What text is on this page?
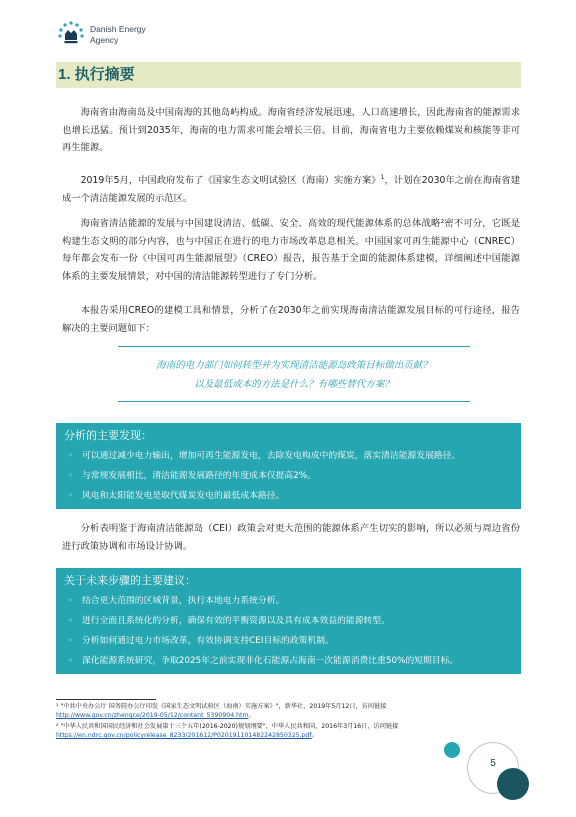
Danish Energy
Agency
1. 执行摘要

海南省由海南岛及中国南海的其他岛屿构成。海南省经济发展迅速，人口高速增长，因此海南省的能源需求也增长迅猛。预计到2035年，海南的电力需求可能会增长三倍。目前，海南省电力主要依赖煤炭和核能等非可再生能源。

2019年5月，中国政府发布了《国家生态文明试验区（海南）实施方案》$^1$，计划在2030年之前在海南省建成一个清洁能源发展的示范区。

海南省清洁能源的发展与中国建设清洁、低碳、安全、高效的现代能源体系的总体战略²密不可分，它既是构建生态文明的部分内容，也与中国正在进行的电力市场改革息息相关。中国国家可再生能源中心（CNREC）每年都会发布一份《中国可再生能源展望》（CREO）报告，报告基于全面的能源体系建模，详细阐述中国能源体系的主要发展情景，对中国的清洁能源转型进行了专门分析。

本报告采用CREO的建模工具和情景，分析了在2030年之前实现海南清洁能源发展目标的可行途径，报告解决的主要问题如下：

海南的电力部门如何转型并为实现清洁能源岛政策目标做出贡献？
以及最低成本的方法是什么？有哪些替代方案？
分析的主要发现：
◦ 可以通过减少电力输出，增加可再生能源发电，去除发电构成中的煤炭，落实清洁能源发展路径。
◦ 与常规发展相比，清洁能源发展路径的年度成本仅提高2%。
◦ 风电和太阳能发电是取代煤炭发电的最低成本路径。

分析表明鉴于海南清洁能源岛（CEI）政策会对更大范围的能源体系产生切实的影响，所以必须与周边省份进行政策协调和市场设计协调。

关于未来步骤的主要建议：
◦ 结合更大范围的区域背景，执行本地电力系统分析。
◦ 进行全面且系统化的分析，确保有效的平衡资源以及具有成本效益的能源转型。
◦ 分析如何通过电力市场改革，有效协调支持CEI目标的政策机制。
◦ 深化能源系统研究，争取2025年之前实现非化石能源占海南一次能源消费比重50%的短期目标。
¹ "中共中央办公厅 国务院办公厅印发《国家生态文明试验区（海南）实施方案》"，新华社，2019年5月12日，访问链接
http://www.gov.cn/zhengce/2019-05/12/content_5390904.htm。
² "中华人民共和国国民经济和社会发展第十三个五年(2016-2020)规划纲要"，中华人民共和国，2016年3月16日，访问链接
https://en.ndrc.gov.cn/policyrelease_8233/201612/P020191101482242850325.pdf。
5
